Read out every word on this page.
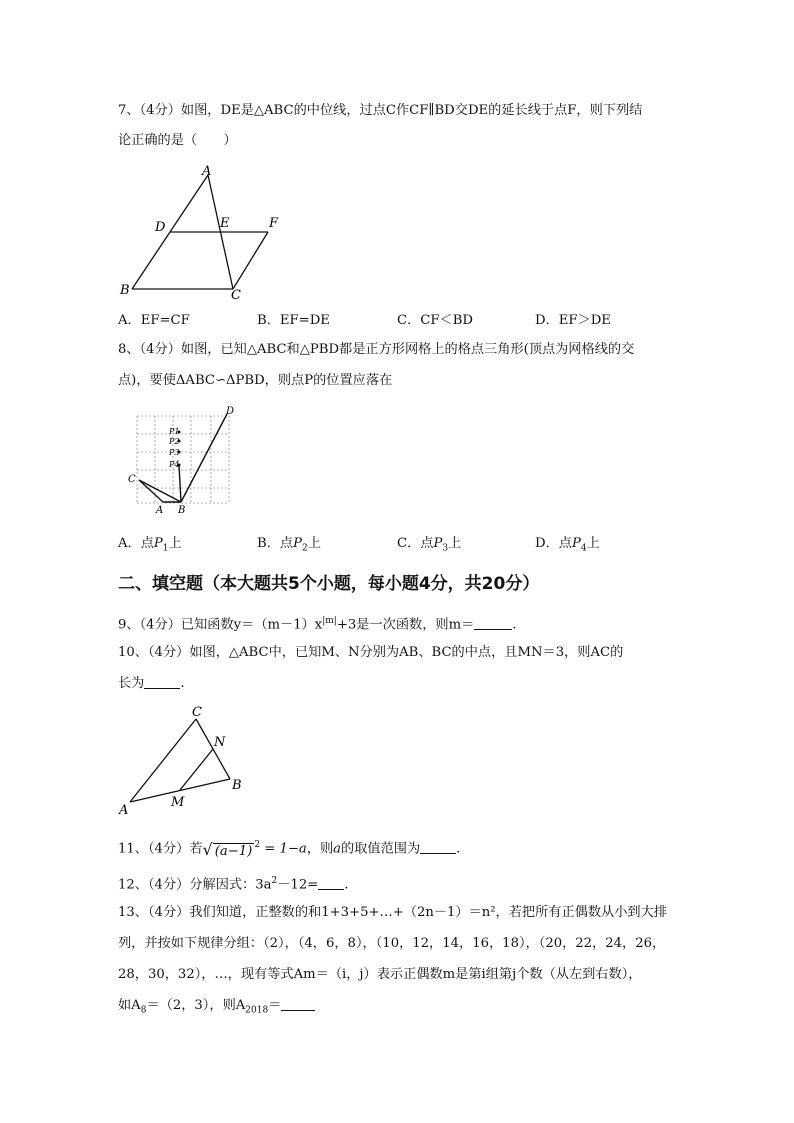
7、（4分）如图，DE是△ABC的中位线，过点C作CF∥BD交DE的延长线于点F，则下列结
论正确的是（　　）
A
D	E	F
B	C
A．EF=CF	B．EF=DE	C．CF＜BD	D．EF＞DE
8、（4分）如图，已知△ABC和△PBD都是正方形网格上的格点三角形(顶点为网格线的交
点)，要使ΔABC∽ΔPBD，则点P的位置应落在
D
P1
P2
P3
P4
C
A B
A．点$P_1$上	B．点$P_2$上	C．点$P_3$上	D．点$P_4$上
二、填空题（本大题共5个小题，每小题4分，共20分）
9、（4分）已知函数$y=(m-1)x^{|m|}+3$是一次函数，则m＝	.
10、（4分）如图，△ABC中，已知M、N分别为AB、BC的中点，且MN＝3，则AC的
长为	.
C
N
B
A
M
11、（4分）若√ (a−1) $^2$ = 1−a，则a的取值范围为	.
12、（4分）分解因式：$3a^2-12=$ .
13、（4分）我们知道，正整数的和1+3+5+…+（2n－1）＝n²，若把所有正偶数从小到大排
列，并按如下规律分组：（2），（4，6，8），（10，12，14，16，18），（20，22，24，26，
28，30，32），…，现有等式Am＝（i，j）表示正偶数m是第i组第j个数（从左到右数），
如$A_8=(2$，3），则$A_{2018}=$
